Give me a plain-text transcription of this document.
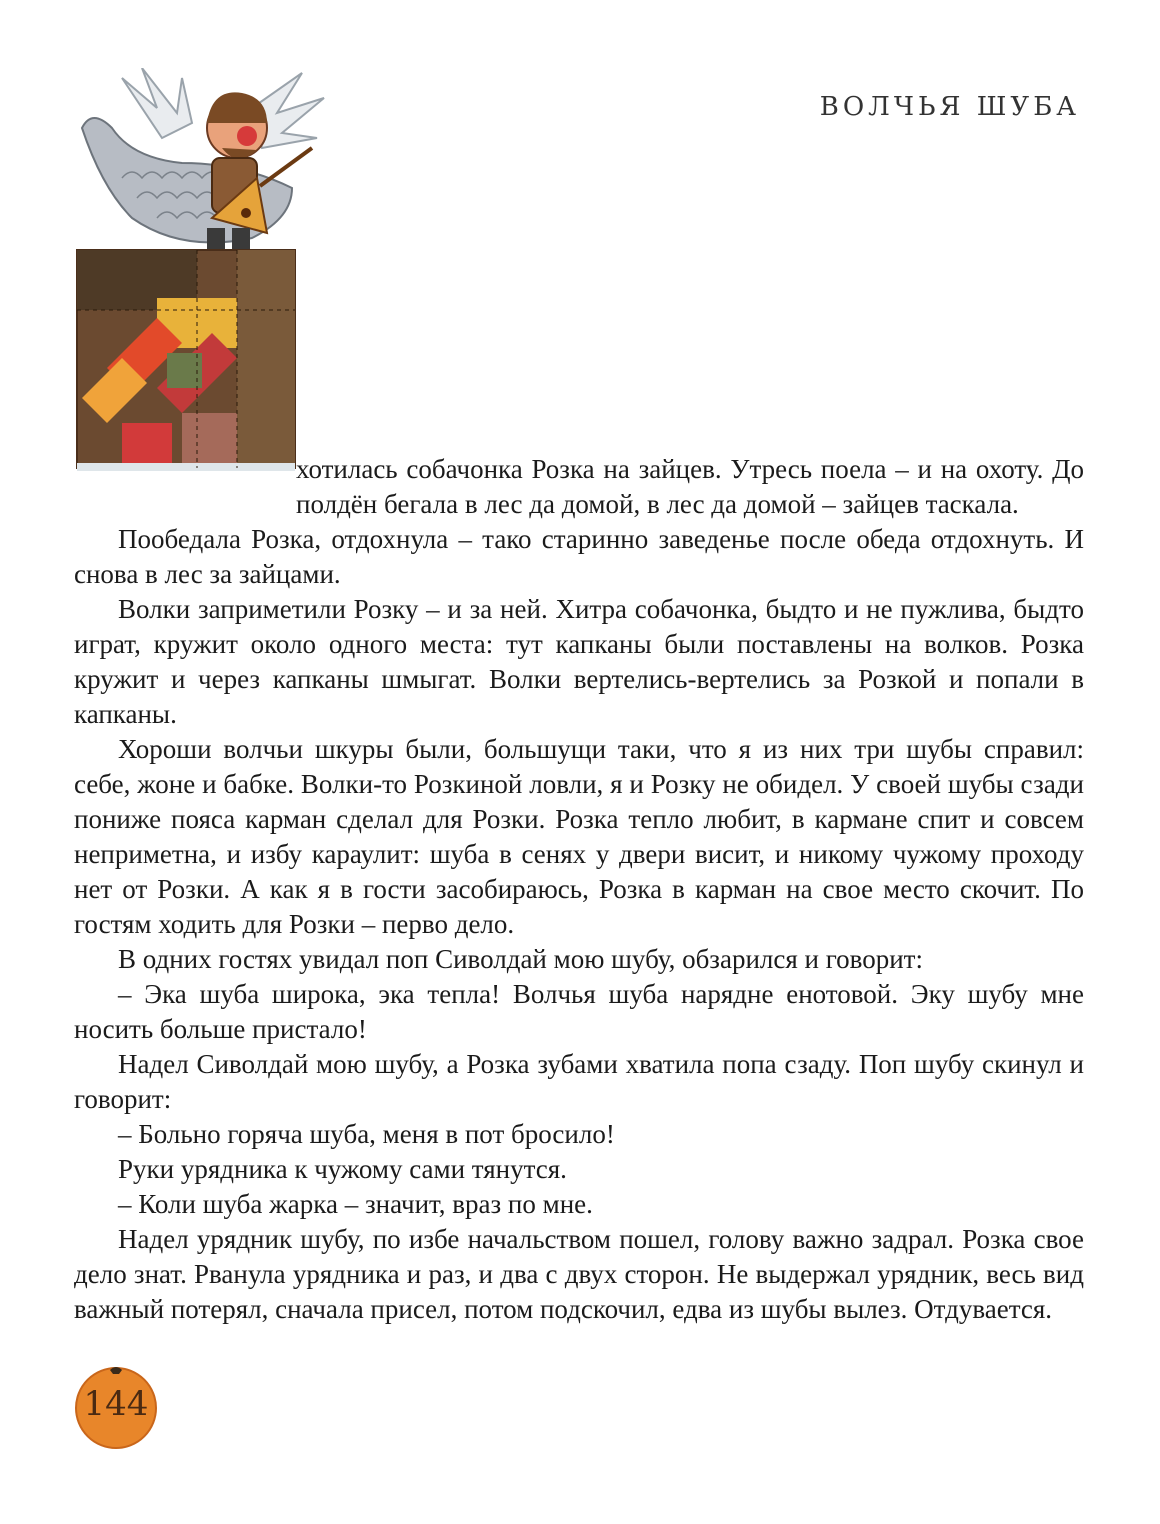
ВОЛЧЬЯ ШУБА

хотилась собачонка Розка на зайцев. Утресь поела – и на охоту. До полдён бегала в лес да домой, в лес да домой – зайцев таскала.

Пообедала Розка, отдохнула – тако старинно заведенье после обеда отдохнуть. И снова в лес за зайцами.

Волки заприметили Розку – и за ней. Хитра собачонка, быдто и не пужлива, быдто играт, кружит около одного места: тут капканы были поставлены на волков. Розка кружит и через капканы шмыгат. Волки вертелись-вертелись за Розкой и попали в капканы.

Хороши волчьи шкуры были, большущи таки, что я из них три шубы справил: себе, жоне и бабке. Волки-то Розкиной ловли, я и Розку не обидел. У своей шубы сзади пониже пояса карман сделал для Розки. Розка тепло любит, в кармане спит и совсем неприметна, и избу караулит: шуба в сенях у двери висит, и никому чужому проходу нет от Розки. А как я в гости засобираюсь, Розка в карман на свое место скочит. По гостям ходить для Розки – перво дело.

В одних гостях увидал поп Сиволдай мою шубу, обзарился и говорит:

– Эка шуба широка, эка тепла! Волчья шуба нарядне енотовой. Эку шубу мне носить больше пристало!

Надел Сиволдай мою шубу, а Розка зубами хватила попа сзаду. Поп шубу скинул и говорит:

– Больно горяча шуба, меня в пот бросило!

Руки урядника к чужому сами тянутся.

– Коли шуба жарка – значит, враз по мне.

Надел урядник шубу, по избе начальством пошел, голову важно задрал. Розка свое дело знат. Рванула урядника и раз, и два с двух сторон. Не выдержал урядник, весь вид важный потерял, сначала присел, потом подскочил, едва из шубы вылез. Отдувается.

144
